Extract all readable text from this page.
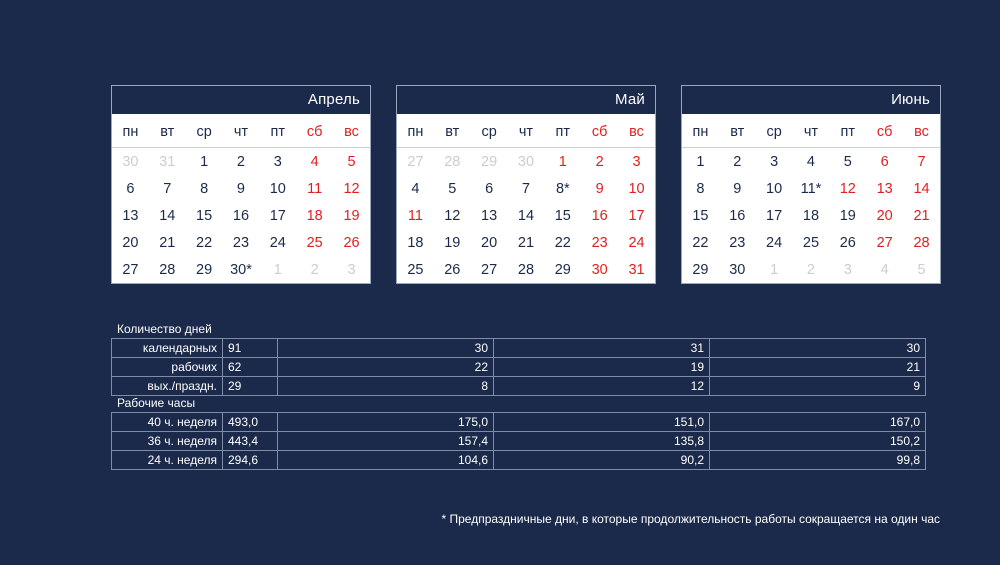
Апрель
пн	вт	ср	чт	пт	сб	вс
30	31	1	2	3	4	5
6	7	8	9	10	11	12
13	14	15	16	17	18	19
20	21	22	23	24	25	26
27	28	29	30*	1	2	3
Май
пн	вт	ср	чт	пт	сб	вс
27	28	29	30	1	2	3
4	5	6	7	8*	9	10
11	12	13	14	15	16	17
18	19	20	21	22	23	24
25	26	27	28	29	30	31
Июнь
пн	вт	ср	чт	пт	сб	вс
1	2	3	4	5	6	7
8	9	10	11*	12	13	14
15	16	17	18	19	20	21
22	23	24	25	26	27	28
29	30	1	2	3	4	5
Количество дней
календарных	91	30	31	30
рабочих	62	22	19	21
вых./праздн.	29	8	12	9
Рабочие часы
40 ч. неделя	493,0	175,0	151,0	167,0
36 ч. неделя	443,4	157,4	135,8	150,2
24 ч. неделя	294,6	104,6	90,2	99,8
* Предпраздничные дни, в которые продолжительность работы сокращается на один час
